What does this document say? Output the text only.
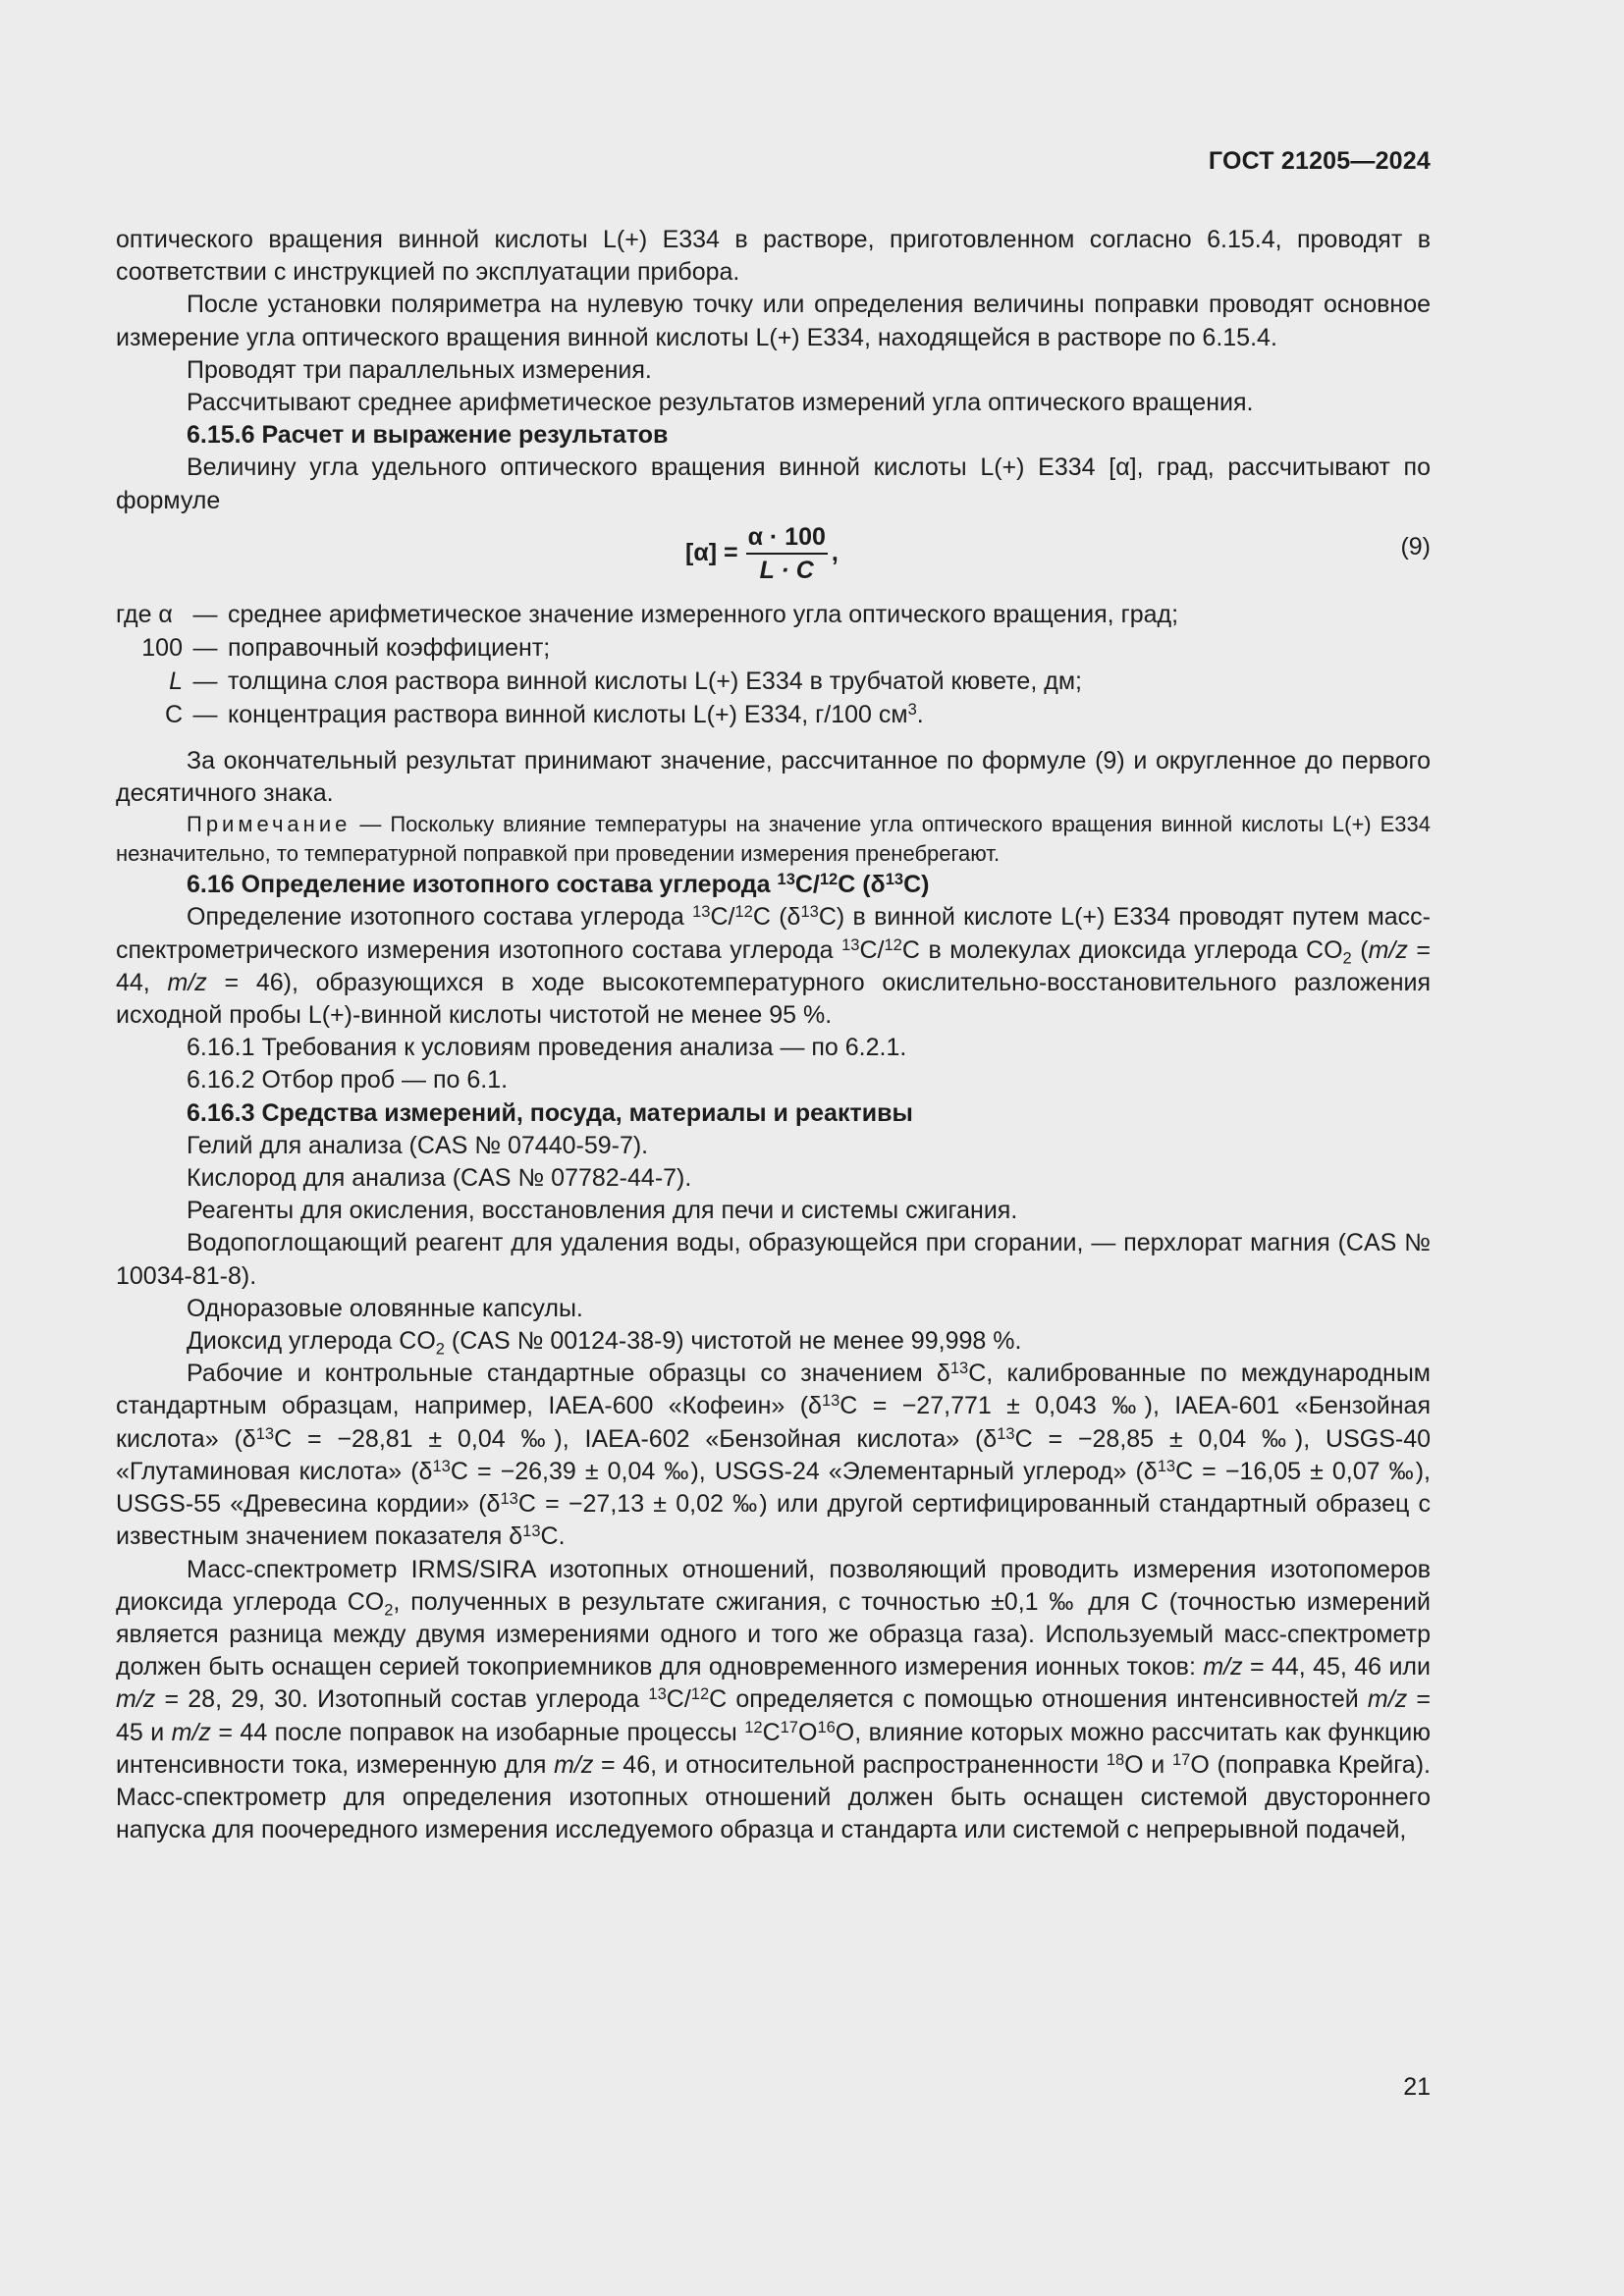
ГОСТ 21205—2024

оптического вращения винной кислоты L(+) Е334 в растворе, приготовленном согласно 6.15.4, проводят в соответствии с инструкцией по эксплуатации прибора.

После установки поляриметра на нулевую точку или определения величины поправки проводят основное измерение угла оптического вращения винной кислоты L(+) Е334, находящейся в растворе по 6.15.4.

Проводят три параллельных измерения.

Рассчитывают среднее арифметическое результатов измерений угла оптического вращения.

6.15.6 Расчет и выражение результатов

Величину угла удельного оптического вращения винной кислоты L(+) Е334 [α], град, рассчитывают по формуле

$[\alpha] = \frac{\alpha \cdot 100}{L \cdot C}$ ,	(9)
где α — среднее арифметическое значение измеренного угла оптического вращения, град;
100 — поправочный коэффициент;
L — толщина слоя раствора винной кислоты L(+) Е334 в трубчатой кювете, дм;
C — концентрация раствора винной кислоты L(+) Е334, г/100 $см^3$.

За окончательный результат принимают значение, рассчитанное по формуле (9) и округленное до первого десятичного знака.

Примечание — Поскольку влияние температуры на значение угла оптического вращения винной кислоты L(+) Е334 незначительно, то температурной поправкой при проведении измерения пренебрегают.

6.16 Определение изотопного состава углерода $^{13}$C/$^{12}$C $(\delta^{13}C)$

Определение изотопного состава углерода $^{13}$C/$^{12}$C $(\delta^{13}C)$ в винной кислоте L(+) Е334 проводят путем масс-спектрометрического измерения изотопного состава углерода $^{13}$C/$^{12}$C в молекулах диоксида углерода $CO_2$ (m/z = 44, m/z = 46), образующихся в ходе высокотемпературного окислительно-восстановительного разложения исходной пробы L(+)-винной кислоты чистотой не менее 95 %.

6.16.1 Требования к условиям проведения анализа — по 6.2.1.

6.16.2 Отбор проб — по 6.1.

6.16.3 Средства измерений, посуда, материалы и реактивы

Гелий для анализа (CAS № 07440-59-7).

Кислород для анализа (CAS № 07782-44-7).

Реагенты для окисления, восстановления для печи и системы сжигания.

Водопоглощающий реагент для удаления воды, образующейся при сгорании, — перхлорат магния (CAS № 10034-81-8).

Одноразовые оловянные капсулы.

Диоксид углерода $CO_2$ (CAS № 00124-38-9) чистотой не менее 99,998 %.

Рабочие и контрольные стандартные образцы со значением $\delta^{13}C$, калиброванные по международным стандартным образцам, например, IAEA-600 «Кофеин» ($\delta^{13}C = -27,771 \pm 0,043$ ‰), IAEA-601 «Бензойная кислота» ($\delta^{13}C = -28,81 \pm 0,04$ ‰), IAEA-602 «Бензойная кислота» ($\delta^{13}C = -28,85 \pm 0,04$ ‰), USGS-40 «Глутаминовая кислота» ($\delta^{13}C = -26,39 \pm 0,04$ ‰), USGS-24 «Элементарный углерод» ($\delta^{13}C = -16,05 \pm 0,07$ ‰), USGS-55 «Древесина кордии» ($\delta^{13}C = -27,13 \pm 0,02$ ‰) или другой сертифицированный стандартный образец с известным значением показателя $\delta^{13}C$.

Масс-спектрометр IRMS/SIRA изотопных отношений, позволяющий проводить измерения изотопомеров диоксида углерода $CO_2$, полученных в результате сжигания, с точностью ±0,1 ‰ для C (точностью измерений является разница между двумя измерениями одного и того же образца газа). Используемый масс-спектрометр должен быть оснащен серией токоприемников для одновременного измерения ионных токов: m/z = 44, 45, 46 или m/z = 28, 29, 30. Изотопный состав углерода $^{13}$C/$^{12}$C определяется с помощью отношения интенсивностей m/z = 45 и m/z = 44 после поправок на изобарные процессы $^{12}C^{17}O^{16}O$, влияние которых можно рассчитать как функцию интенсивности тока, измеренную для m/z = 46, и относительной распространенности $^{18}$O и $^{17}$O (поправка Крейга). Масс-спектрометр для определения изотопных отношений должен быть оснащен системой двустороннего напуска для поочередного измерения исследуемого образца и стандарта или системой с непрерывной подачей,

21
